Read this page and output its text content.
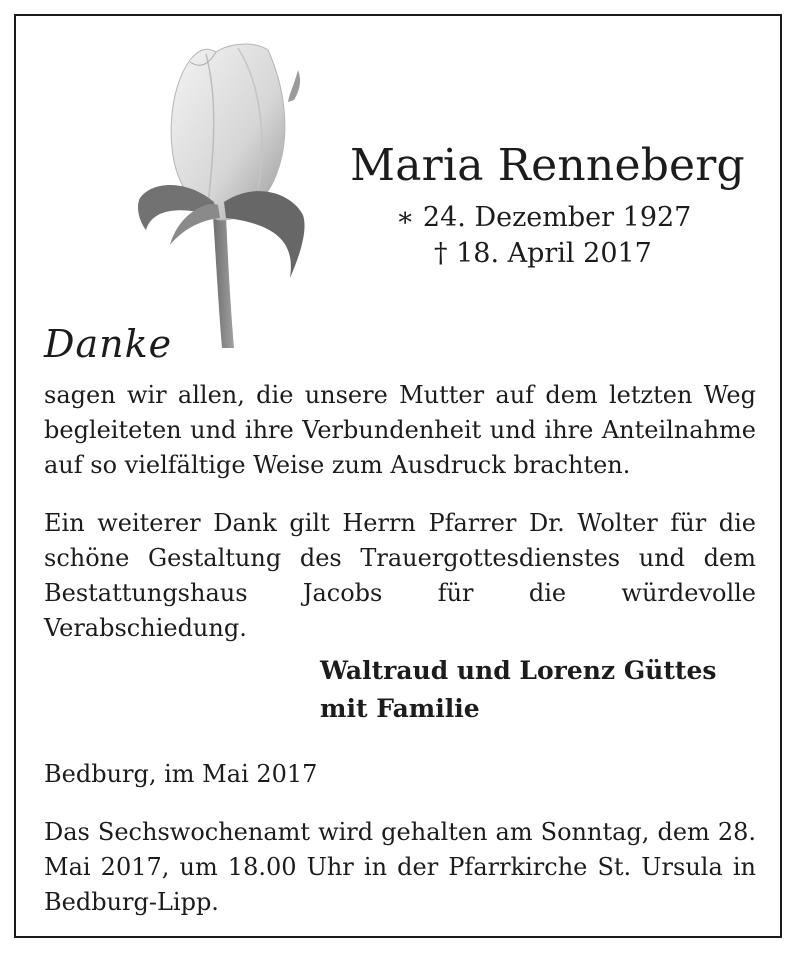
Maria Renneberg
∗ 24. Dezember 1927
† 18. April 2017
Danke
sagen wir allen, die unsere Mutter auf dem letzten Weg begleiteten und ihre Verbundenheit und ihre Anteilnahme auf so vielfältige Weise zum Ausdruck brachten.
Ein weiterer Dank gilt Herrn Pfarrer Dr. Wolter für die schöne Gestaltung des Trauergottesdienstes und dem Bestattungshaus Jacobs für die würdevolle Verabschiedung.
Waltraud und Lorenz Güttes
mit Familie
Bedburg, im Mai 2017
Das Sechswochenamt wird gehalten am Sonntag, dem 28. Mai 2017, um 18.00 Uhr in der Pfarrkirche St. Ursula in Bedburg-Lipp.
